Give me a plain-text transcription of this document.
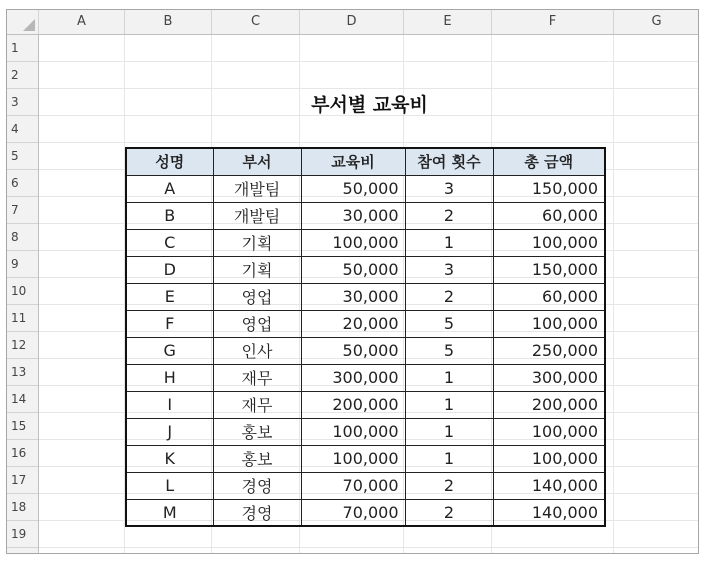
A	B	C	D	E	F	G
1
2
3
4
5
6
7
8
9
10
11
12
13
14
15
16
17
18
19
부서별 교육비
성명	부서	교육비	참여 횟수	총 금액
A	개발팀	50,000	3	150,000
B	개발팀	30,000	2	60,000
C	기획	100,000	1	100,000
D	기획	50,000	3	150,000
E	영업	30,000	2	60,000
F	영업	20,000	5	100,000
G	인사	50,000	5	250,000
H	재무	300,000	1	300,000
I	재무	200,000	1	200,000
J	홍보	100,000	1	100,000
K	홍보	100,000	1	100,000
L	경영	70,000	2	140,000
M	경영	70,000	2	140,000
